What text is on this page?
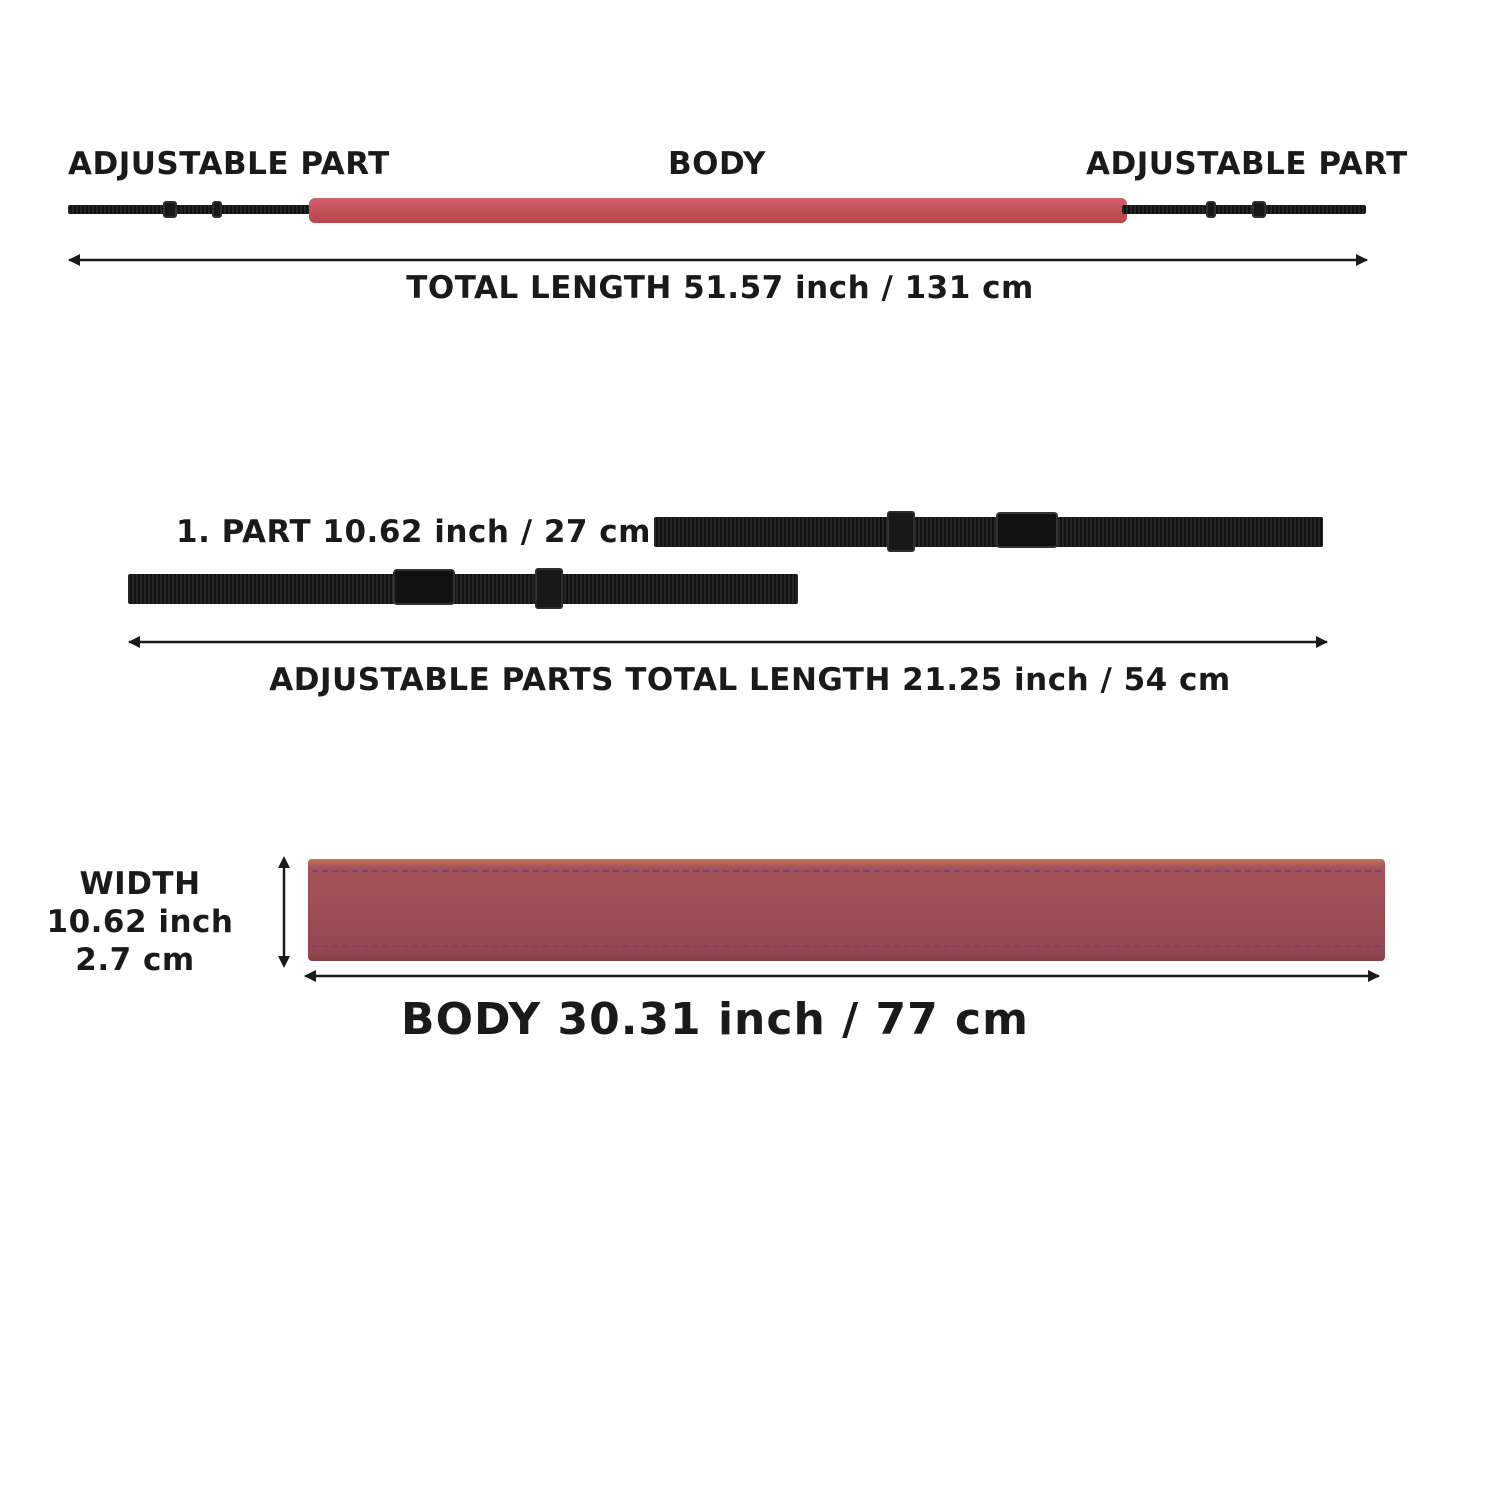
ADJUSTABLE PART	BODY	ADJUSTABLE PART
TOTAL LENGTH 51.57 inch / 131 cm
1. PART 10.62 inch / 27 cm
ADJUSTABLE PARTS TOTAL LENGTH 21.25 inch / 54 cm
WIDTH
10.62 inch
2.7 cm
BODY 30.31 inch / 77 cm
